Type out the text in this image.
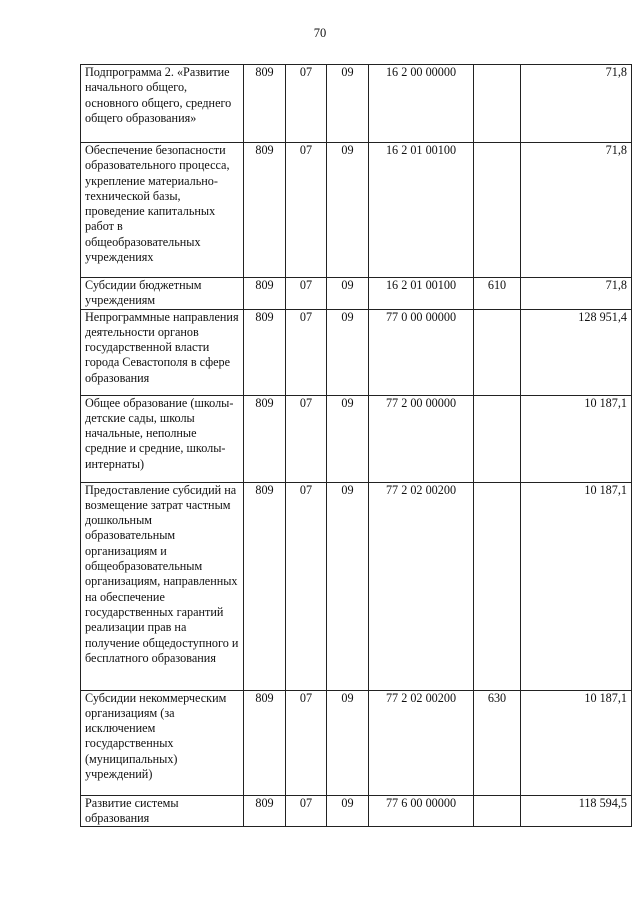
70
Подпрограмма 2. «Развитие начального общего, основного общего, среднего общего образования»	809	07	09	16 2 00 00000		71,8
Обеспечение безопасности образовательного процесса, укрепление материально-технической базы, проведение капитальных работ в общеобразовательных учреждениях	809	07	09	16 2 01 00100		71,8
Субсидии бюджетным учреждениям	809	07	09	16 2 01 00100	610	71,8
Непрограммные направления деятельности органов государственной власти города Севастополя в сфере образования	809	07	09	77 0 00 00000		128 951,4
Общее образование (школы-детские сады, школы начальные, неполные средние и средние, школы-интернаты)	809	07	09	77 2 00 00000		10 187,1
Предоставление субсидий на возмещение затрат частным дошкольным образовательным организациям и общеобразовательным организациям, направленных на обеспечение государственных гарантий реализации прав на получение общедоступного и бесплатного образования	809	07	09	77 2 02 00200		10 187,1
Субсидии некоммерческим организациям (за исключением государственных (муниципальных) учреждений)	809	07	09	77 2 02 00200	630	10 187,1
Развитие системы образования	809	07	09	77 6 00 00000		118 594,5
